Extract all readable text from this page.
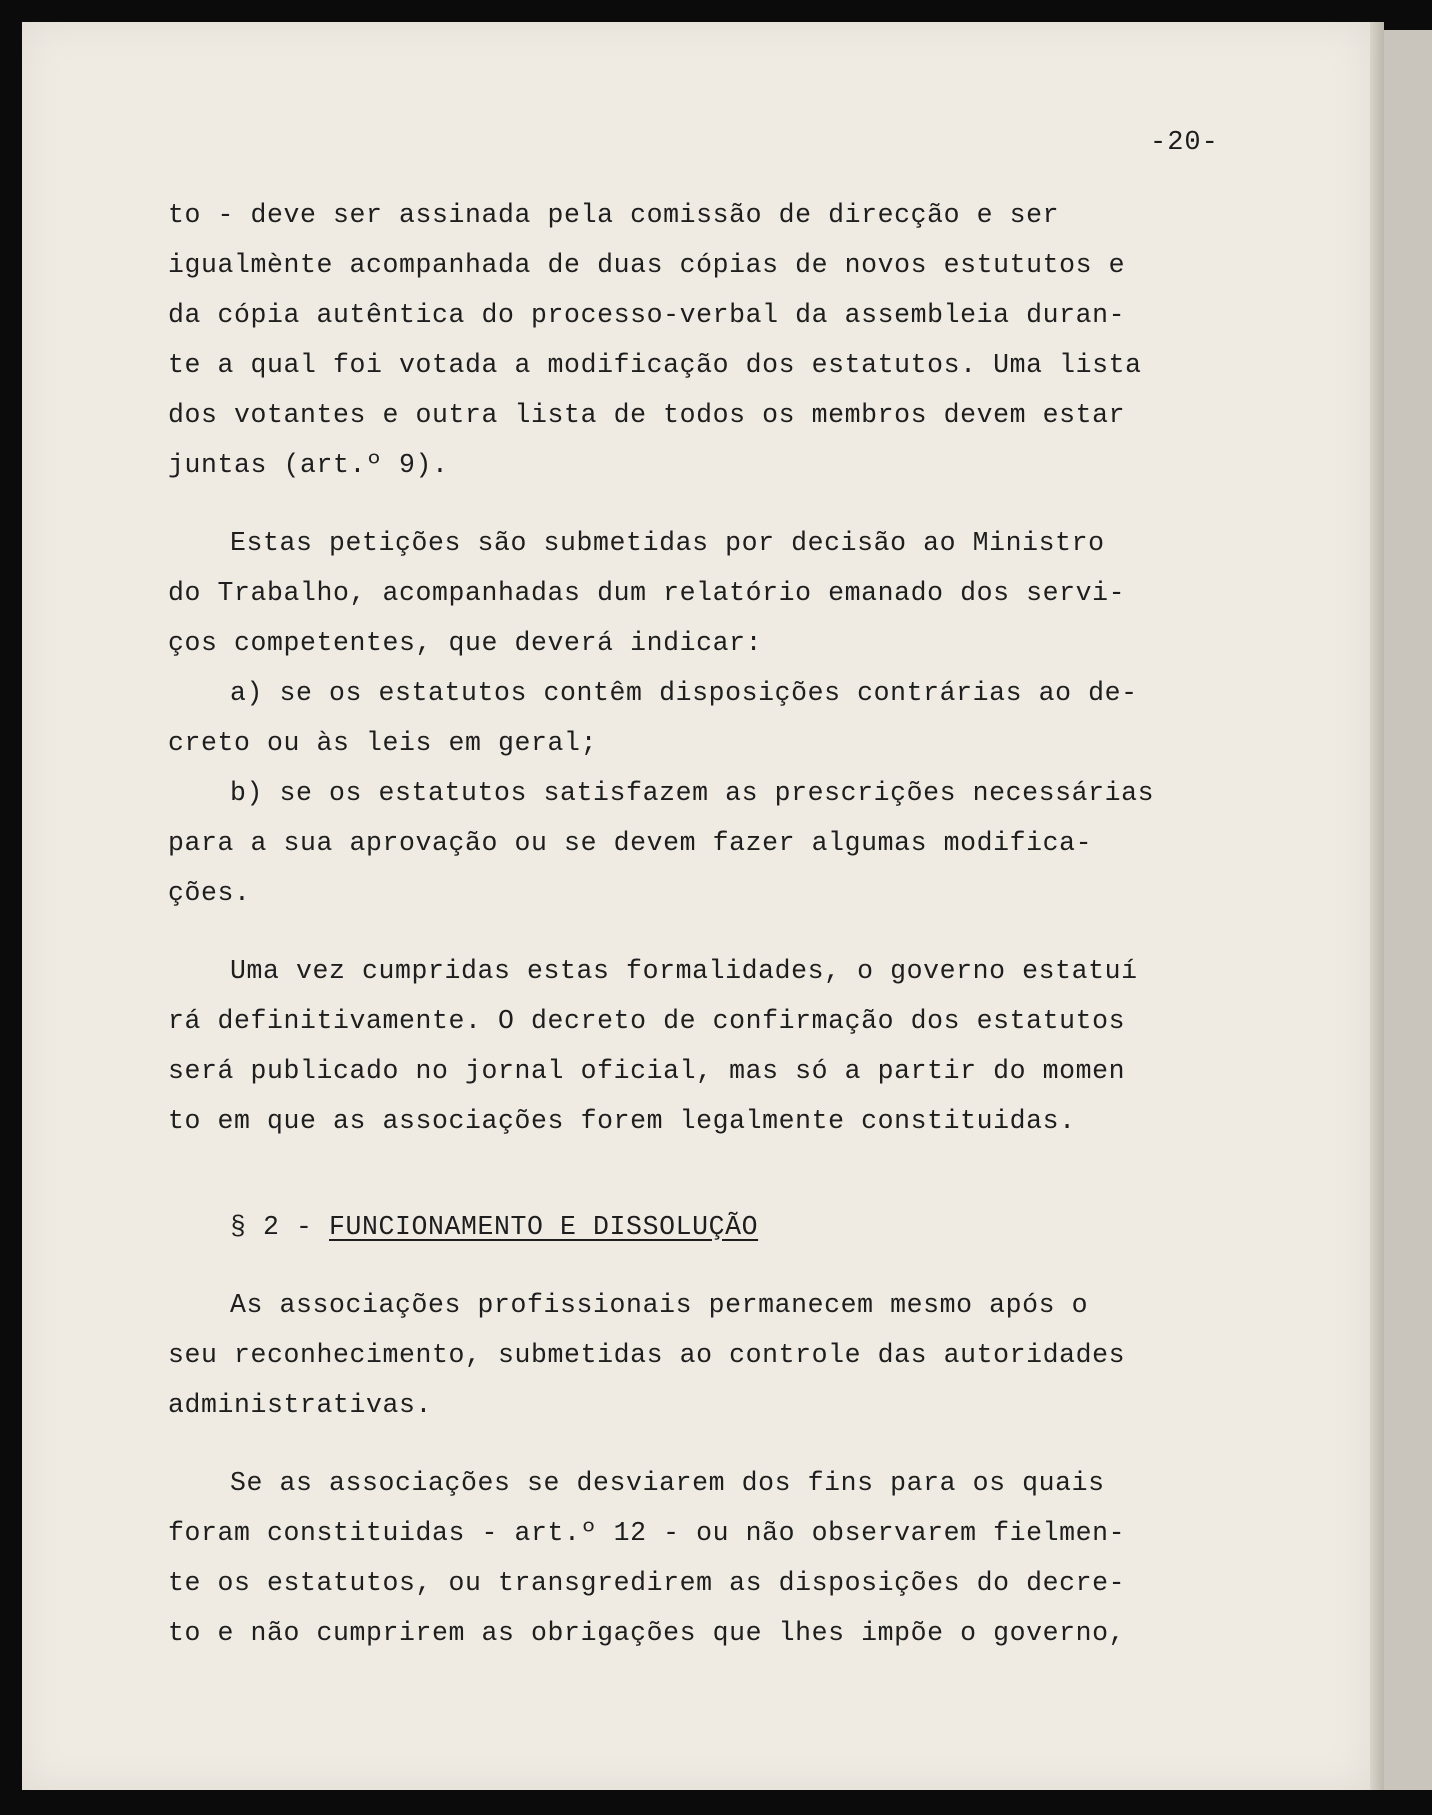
-20-
to - deve ser assinada pela comissão de direcção e ser
igualmènte acompanhada de duas cópias de novos estututos e
da cópia autêntica do processo-verbal da assembleia duran-
te a qual foi votada a modificação dos estatutos. Uma lista
dos votantes e outra lista de todos os membros devem estar
juntas (art.º 9).
Estas petições são submetidas por decisão ao Ministro
do Trabalho, acompanhadas dum relatório emanado dos servi-
ços competentes, que deverá indicar:
a) se os estatutos contêm disposições contrárias ao de-
creto ou às leis em geral;
b) se os estatutos satisfazem as prescrições necessárias
para a sua aprovação ou se devem fazer algumas modifica-
ções.
Uma vez cumpridas estas formalidades, o governo estatuí
rá definitivamente. O decreto de confirmação dos estatutos
será publicado no jornal oficial, mas só a partir do momen
to em que as associações forem legalmente constituidas.
§ 2 - FUNCIONAMENTO E DISSOLUÇÃO
As associações profissionais permanecem mesmo após o
seu reconhecimento, submetidas ao controle das autoridades
administrativas.
Se as associações se desviarem dos fins para os quais
foram constituidas - art.º 12 - ou não observarem fielmen-
te os estatutos, ou transgredirem as disposições do decre-
to e não cumprirem as obrigações que lhes impõe o governo,
